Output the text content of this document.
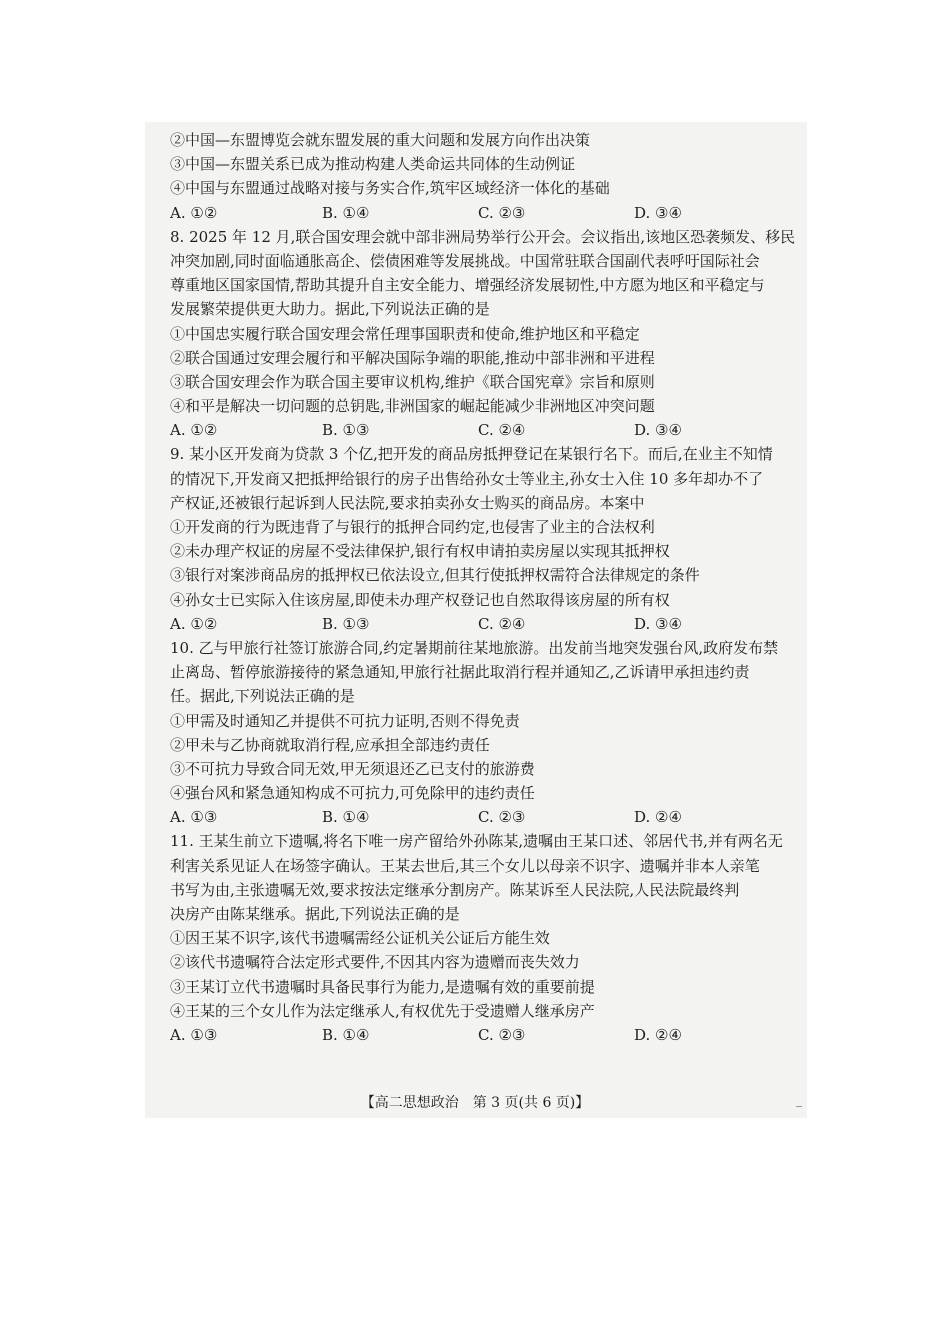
②中国—东盟博览会就东盟发展的重大问题和发展方向作出决策
③中国—东盟关系已成为推动构建人类命运共同体的生动例证
④中国与东盟通过战略对接与务实合作,筑牢区域经济一体化的基础
A. ①②	B. ①④	C. ②③	D. ③④
8. 2025 年 12 月,联合国安理会就中部非洲局势举行公开会。会议指出,该地区恐袭频发、移民
冲突加剧,同时面临通胀高企、偿债困难等发展挑战。中国常驻联合国副代表呼吁国际社会
尊重地区国家国情,帮助其提升自主安全能力、增强经济发展韧性,中方愿为地区和平稳定与
发展繁荣提供更大助力。据此,下列说法正确的是
①中国忠实履行联合国安理会常任理事国职责和使命,维护地区和平稳定
②联合国通过安理会履行和平解决国际争端的职能,推动中部非洲和平进程
③联合国安理会作为联合国主要审议机构,维护《联合国宪章》宗旨和原则
④和平是解决一切问题的总钥匙,非洲国家的崛起能减少非洲地区冲突问题
A. ①②	B. ①③	C. ②④	D. ③④
9. 某小区开发商为贷款 3 个亿,把开发的商品房抵押登记在某银行名下。而后,在业主不知情
的情况下,开发商又把抵押给银行的房子出售给孙女士等业主,孙女士入住 10 多年却办不了
产权证,还被银行起诉到人民法院,要求拍卖孙女士购买的商品房。本案中
①开发商的行为既违背了与银行的抵押合同约定,也侵害了业主的合法权利
②未办理产权证的房屋不受法律保护,银行有权申请拍卖房屋以实现其抵押权
③银行对案涉商品房的抵押权已依法设立,但其行使抵押权需符合法律规定的条件
④孙女士已实际入住该房屋,即使未办理产权登记也自然取得该房屋的所有权
A. ①②	B. ①③	C. ②④	D. ③④
10. 乙与甲旅行社签订旅游合同,约定暑期前往某地旅游。出发前当地突发强台风,政府发布禁
止离岛、暂停旅游接待的紧急通知,甲旅行社据此取消行程并通知乙,乙诉请甲承担违约责
任。据此,下列说法正确的是
①甲需及时通知乙并提供不可抗力证明,否则不得免责
②甲未与乙协商就取消行程,应承担全部违约责任
③不可抗力导致合同无效,甲无须退还乙已支付的旅游费
④强台风和紧急通知构成不可抗力,可免除甲的违约责任
A. ①③	B. ①④	C. ②③	D. ②④
11. 王某生前立下遗嘱,将名下唯一房产留给外孙陈某,遗嘱由王某口述、邻居代书,并有两名无
利害关系见证人在场签字确认。王某去世后,其三个女儿以母亲不识字、遗嘱并非本人亲笔
书写为由,主张遗嘱无效,要求按法定继承分割房产。陈某诉至人民法院,人民法院最终判
决房产由陈某继承。据此,下列说法正确的是
①因王某不识字,该代书遗嘱需经公证机关公证后方能生效
②该代书遗嘱符合法定形式要件,不因其内容为遗赠而丧失效力
③王某订立代书遗嘱时具备民事行为能力,是遗嘱有效的重要前提
④王某的三个女儿作为法定继承人,有权优先于受遗赠人继承房产
A. ①③	B. ①④	C. ②③	D. ②④
【高二思想政治　第 3 页(共 6 页)】
